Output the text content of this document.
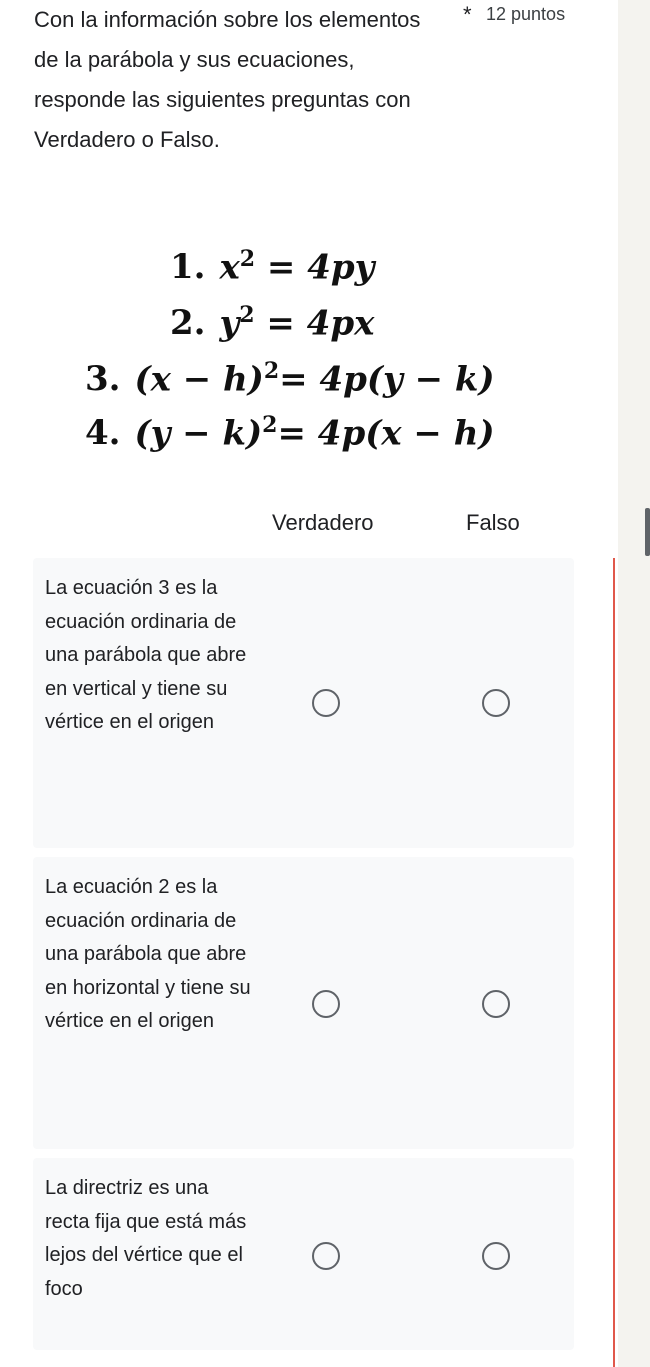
Con la información sobre los elementos de la parábola y sus ecuaciones, responde las siguientes preguntas con Verdadero o Falso.

* 12 puntos
1. $x^2 = 4py$
2. $y^2 = 4px$
3. $(x - h)^2= 4p(y - k)$
4. $(y - k)^2= 4p(x - h)$
Verdadero	Falso

La ecuación 3 es la ecuación ordinaria de una parábola que abre en vertical y tiene su vértice en el origen

La ecuación 2 es la ecuación ordinaria de una parábola que abre en horizontal y tiene su vértice en el origen

La directriz es una recta fija que está más lejos del vértice que el foco
